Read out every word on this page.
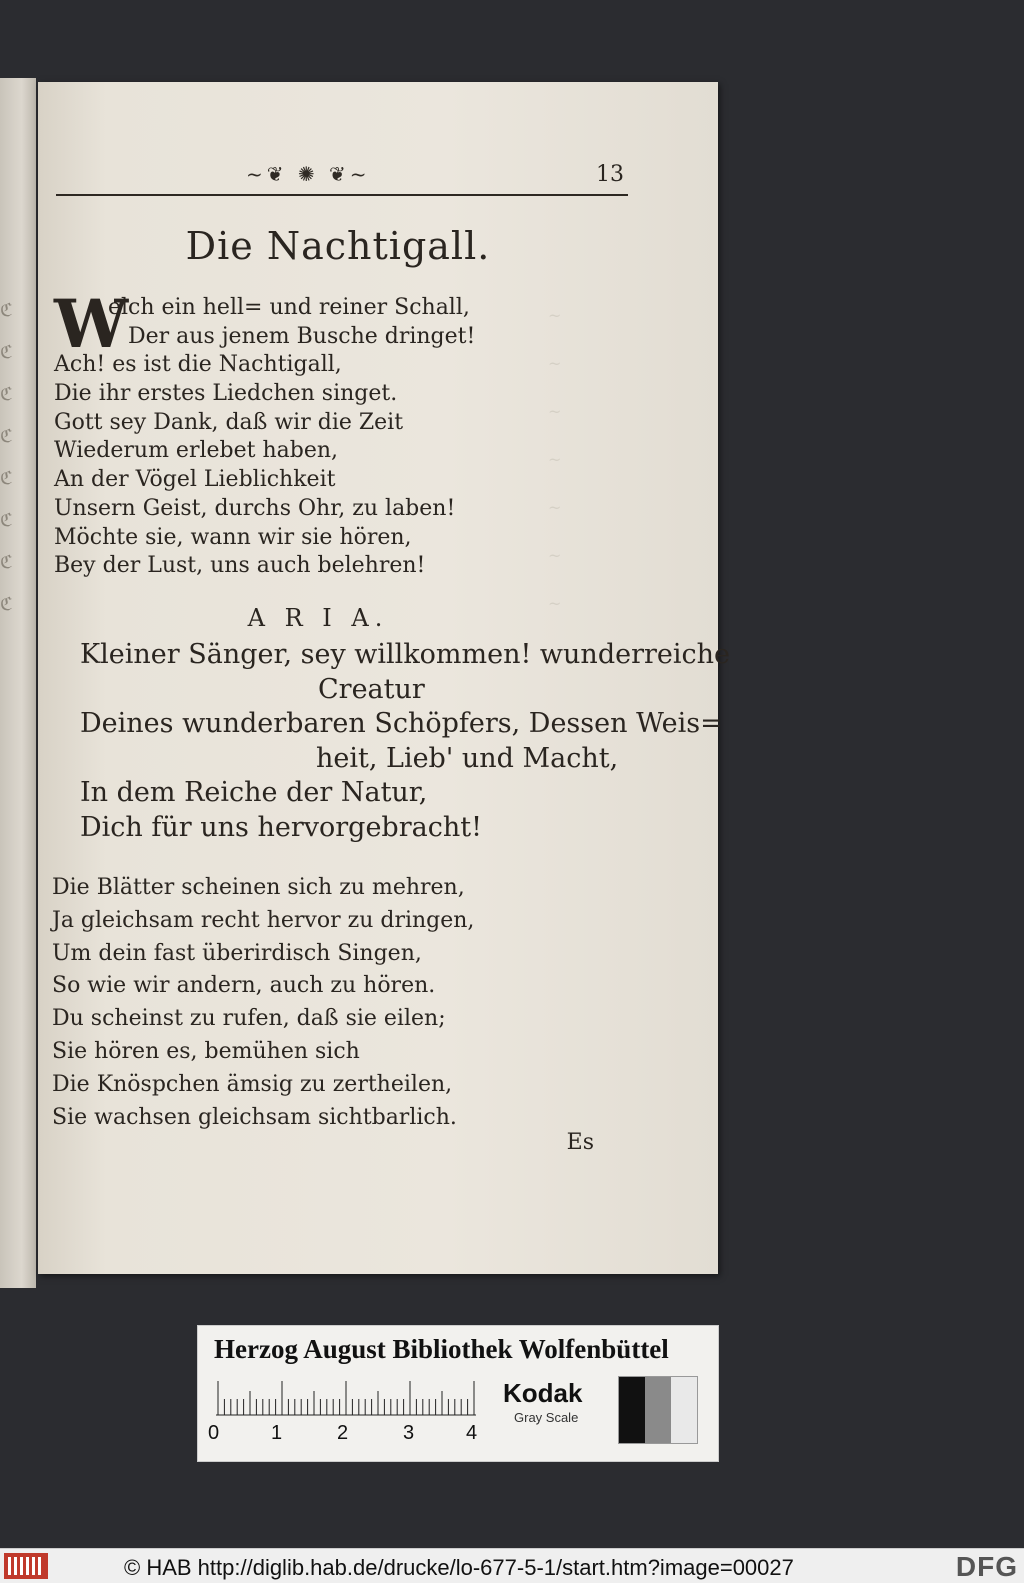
ℭ
ℭ
ℭ
ℭ
ℭ
ℭ
ℭ
ℭ
~
~
~
~
~
~
~
~❦ ✺ ❦~	13
Die Nachtigall.
W
elch ein hell= und reiner Schall,
Der aus jenem Busche dringet!
Ach! es ist die Nachtigall,
Die ihr erstes Liedchen singet.
Gott sey Dank, daß wir die Zeit
Wiederum erlebet haben,
An der Vögel Lieblichkeit
Unsern Geist, durchs Ohr, zu laben!
Möchte sie, wann wir sie hören,
Bey der Lust, uns auch belehren!
A R I A.
Kleiner Sänger, sey willkommen! wunderreiche
Creatur
Deines wunderbaren Schöpfers, Dessen Weis=
heit, Lieb' und Macht,
In dem Reiche der Natur,
Dich für uns hervorgebracht!
Die Blätter scheinen sich zu mehren,
Ja gleichsam recht hervor zu dringen,
Um dein fast überirdisch Singen,
So wie wir andern, auch zu hören.
Du scheinst zu rufen, daß sie eilen;
Sie hören es, bemühen sich
Die Knöspchen ämsig zu zertheilen,
Sie wachsen gleichsam sichtbarlich.
Es
Herzog August Bibliothek Wolfenbüttel
0	1	2	3	4
Kodak
Gray Scale
© HAB http://diglib.hab.de/drucke/lo-677-5-1/start.htm?image=00027	DFG
